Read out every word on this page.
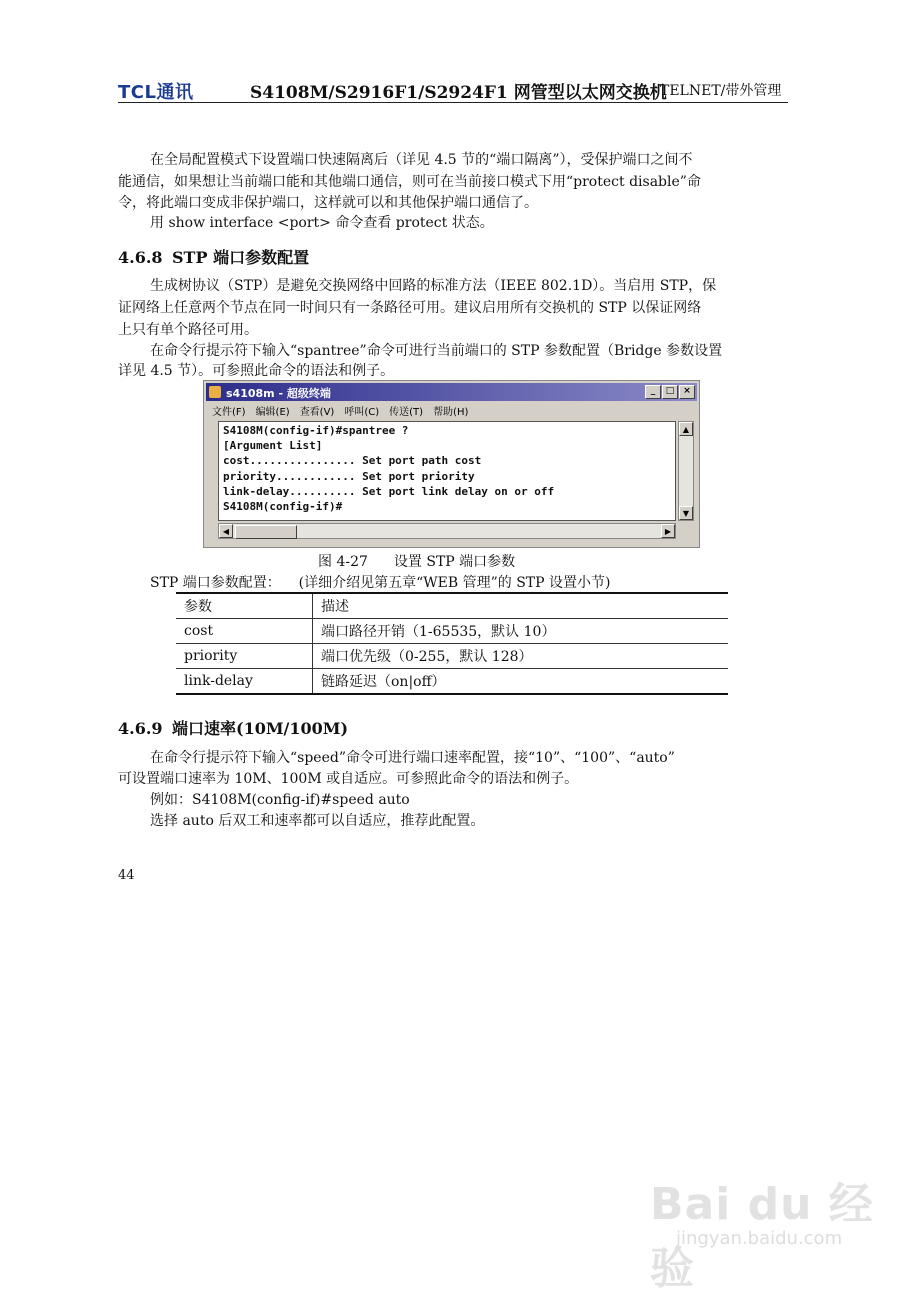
TCL通讯	S4108M/S2916F1/S2924F1 网管型以太网交换机
TELNET/带外管理
在全局配置模式下设置端口快速隔离后（详见 4.5 节的“端口隔离”），受保护端口之间不
能通信，如果想让当前端口能和其他端口通信，则可在当前接口模式下用“protect disable”命
令，将此端口变成非保护端口，这样就可以和其他保护端口通信了。
用 show interface <port> 命令查看 protect 状态。
4.6.8 STP 端口参数配置
生成树协议（STP）是避免交换网络中回路的标准方法（IEEE 802.1D）。当启用 STP，保
证网络上任意两个节点在同一时间只有一条路径可用。建议启用所有交换机的 STP 以保证网络
上只有单个路径可用。
在命令行提示符下输入“spantree”命令可进行当前端口的 STP 参数配置（Bridge 参数设置
详见 4.5 节）。可参照此命令的语法和例子。
s4108m - 超级终端	_	□ ×
文件(F) 编辑(E) 查看(V) 呼叫(C) 传送(T) 帮助(H)
S4108M(config-if)#spantree ?
[Argument List]
cost................ Set port path cost
priority............ Set port priority
link-delay.......... Set port link delay on or off
S4108M(config-if)#
▲
▼
◀	▶
图 4-27 设置 STP 端口参数
STP 端口参数配置： (详细介绍见第五章“WEB 管理”的 STP 设置小节)
参数	描述
cost	端口路径开销（1-65535，默认 10）
priority	端口优先级（0-255，默认 128）
link-delay	链路延迟（on|off）
4.6.9 端口速率(10M/100M)
在命令行提示符下输入“speed”命令可进行端口速率配置，接“10”、“100”、“auto”
可设置端口速率为 10M、100M 或自适应。可参照此命令的语法和例子。
例如：S4108M(config-if)#speed auto
选择 auto 后双工和速率都可以自适应，推荐此配置。
44
Bai du 经验
jingyan.baidu.com
